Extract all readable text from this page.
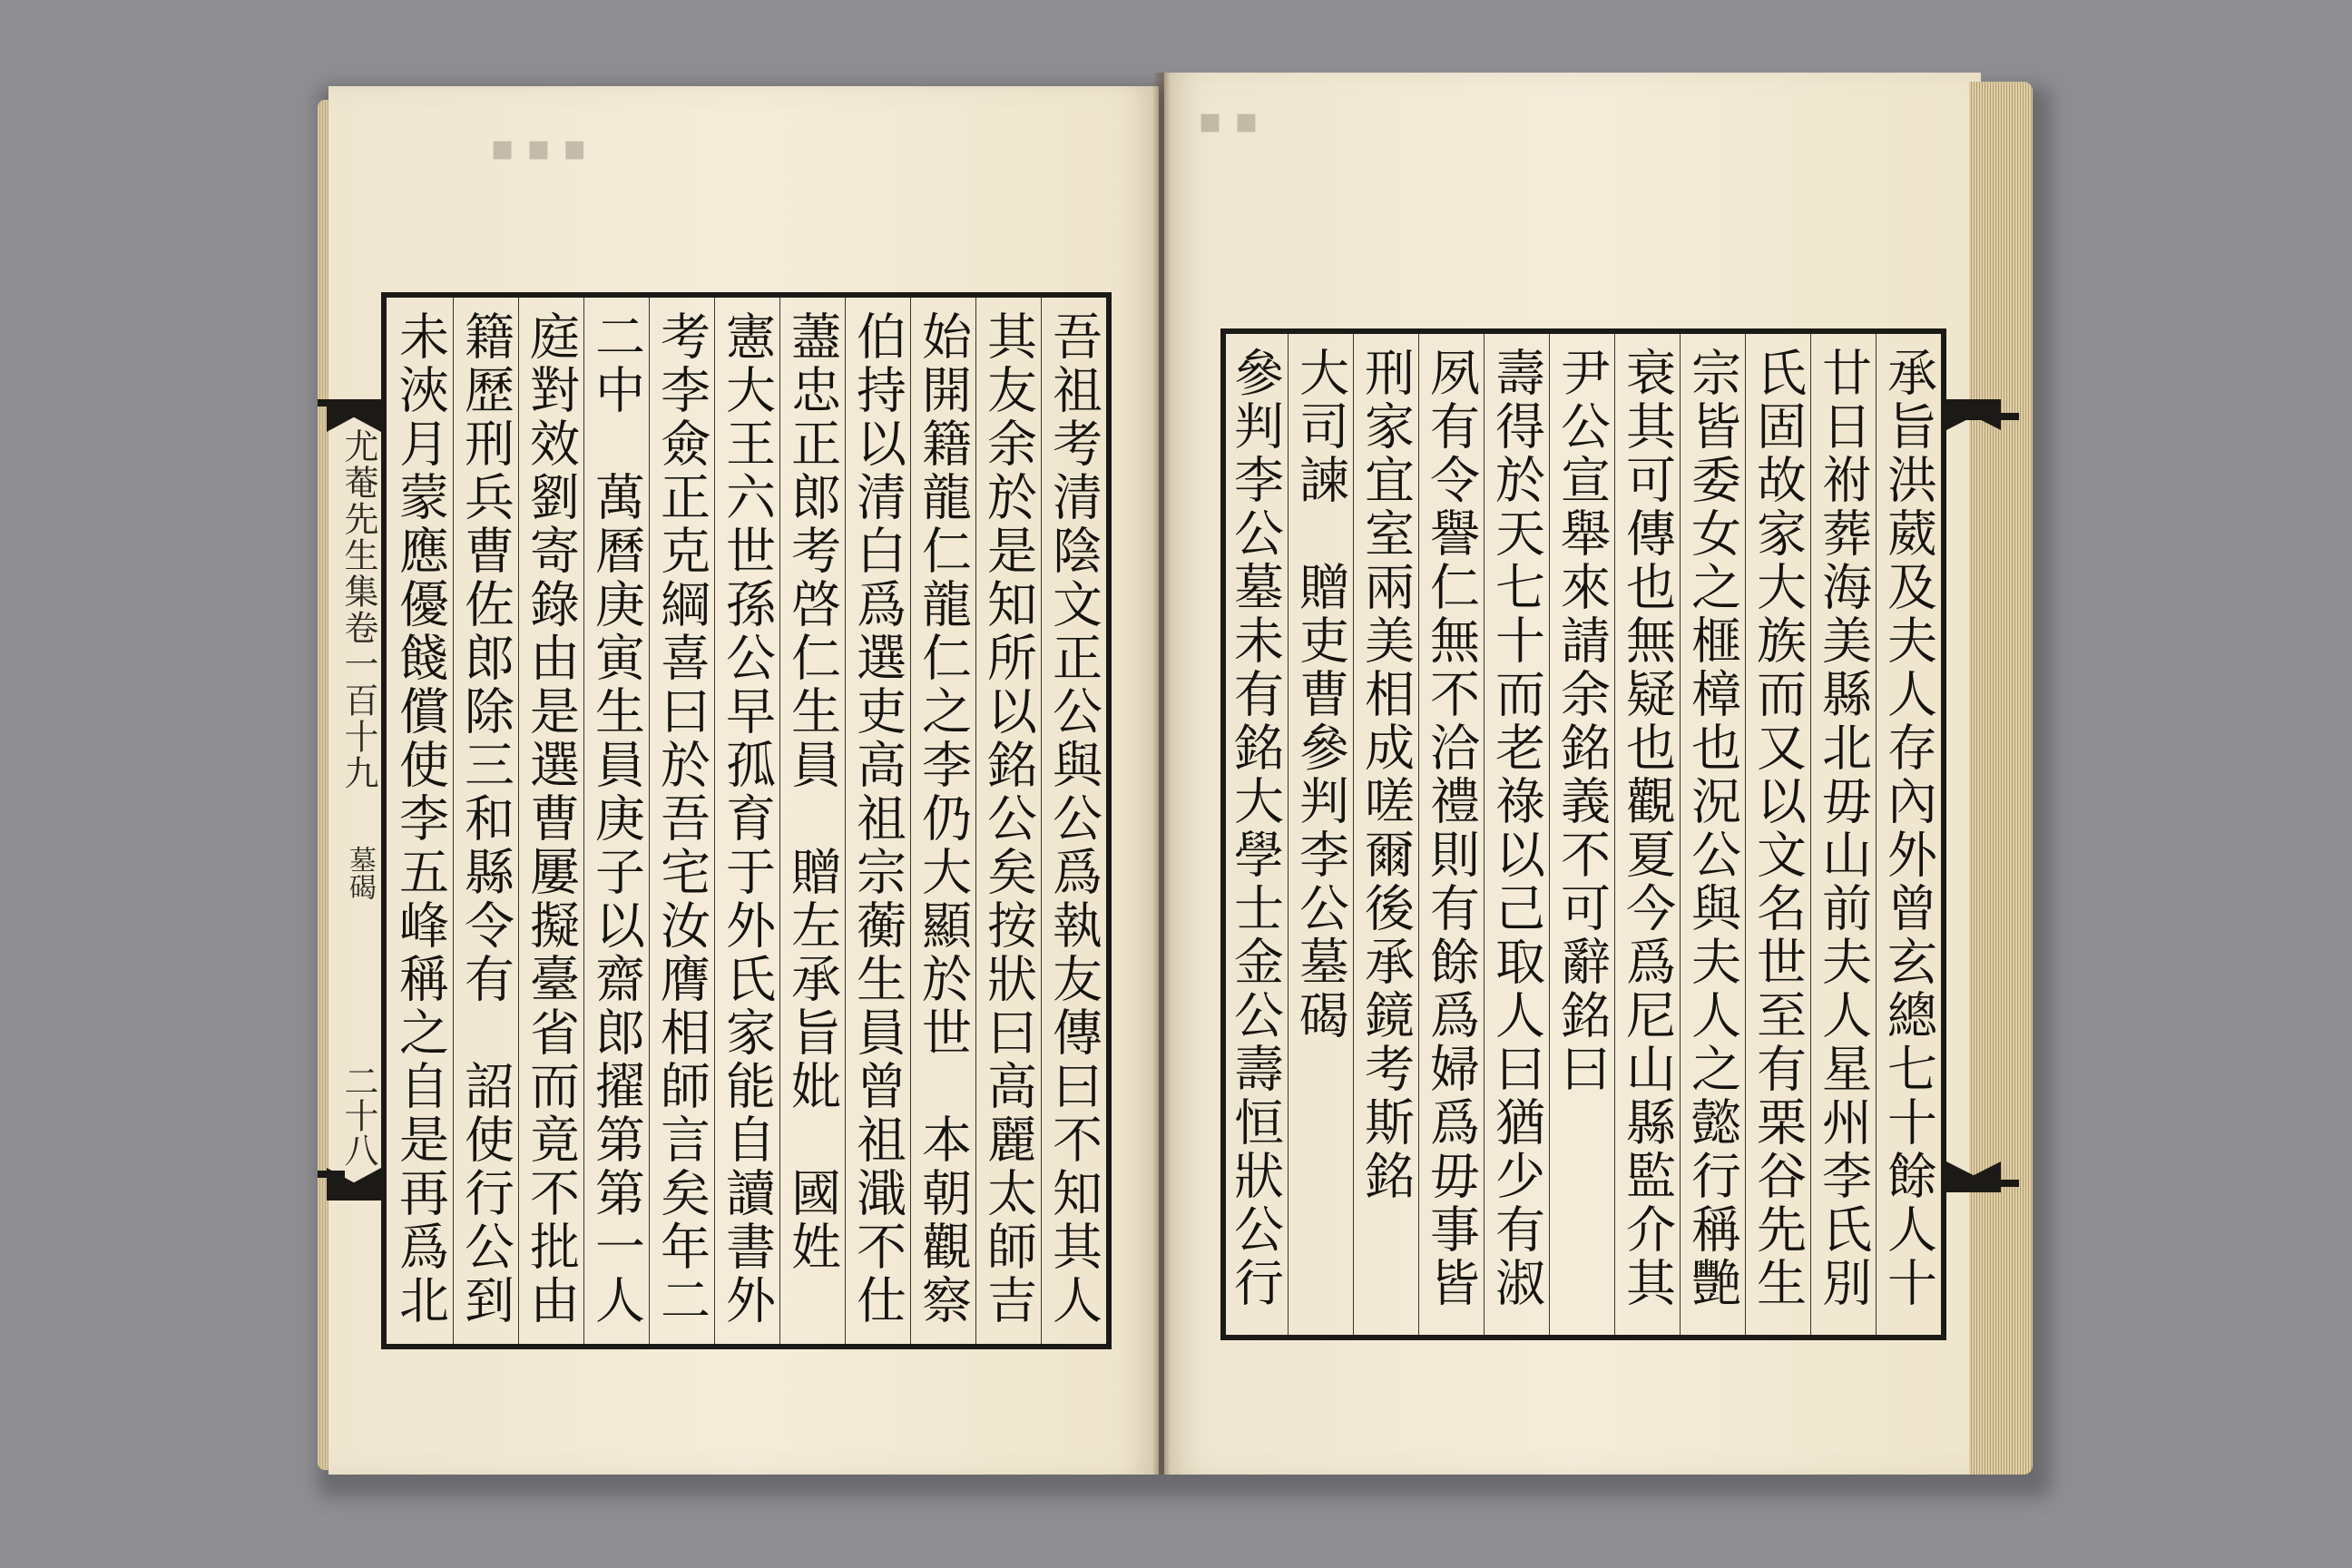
▪ ▪ ▪
▪ ▪
尤菴先生集卷一百十九
墓碣
二十八
吾祖考清陰文正公與公爲執友傳曰不知其人
其友余於是知所以銘公矣按狀曰高麗太師吉
始開籍龍仁龍仁之李仍大顯於世　本朝觀察
伯持以清白爲選吏高祖宗蘅生員曾祖濈不仕
藎忠正郎考啓仁生員　贈左承旨妣　國姓　
憲大王六世孫公早孤育于外氏家能自讀書外
考李僉正克綱喜曰於吾宅汝膺相師言矣年二
二中　萬曆庚寅生員庚子以齋郎擢第第一人
庭對效劉寄錄由是選曹屢擬臺省而竟不批由
籍歷刑兵曹佐郎除三和縣令有　詔使行公到
未浹月蒙應優餞償使李五峰稱之自是再爲北
承旨洪葳及夫人存內外曾玄總七十餘人十
廿日祔葬海美縣北毋山前夫人星州李氏別
氏固故家大族而又以文名世至有栗谷先生
宗皆委女之榧樟也況公與夫人之懿行稱艷
衰其可傳也無疑也觀夏今爲尼山縣監介其
尹公宣舉來請余銘義不可辭銘曰
壽得於天七十而老祿以己取人曰猶少有淑
夙有令譽仁無不洽禮則有餘爲婦爲毋事皆
刑家宜室兩美相成嗟爾後承鏡考斯銘
大司諫　贈吏曹參判李公墓碣
參判李公墓未有銘大學士金公壽恒狀公行
